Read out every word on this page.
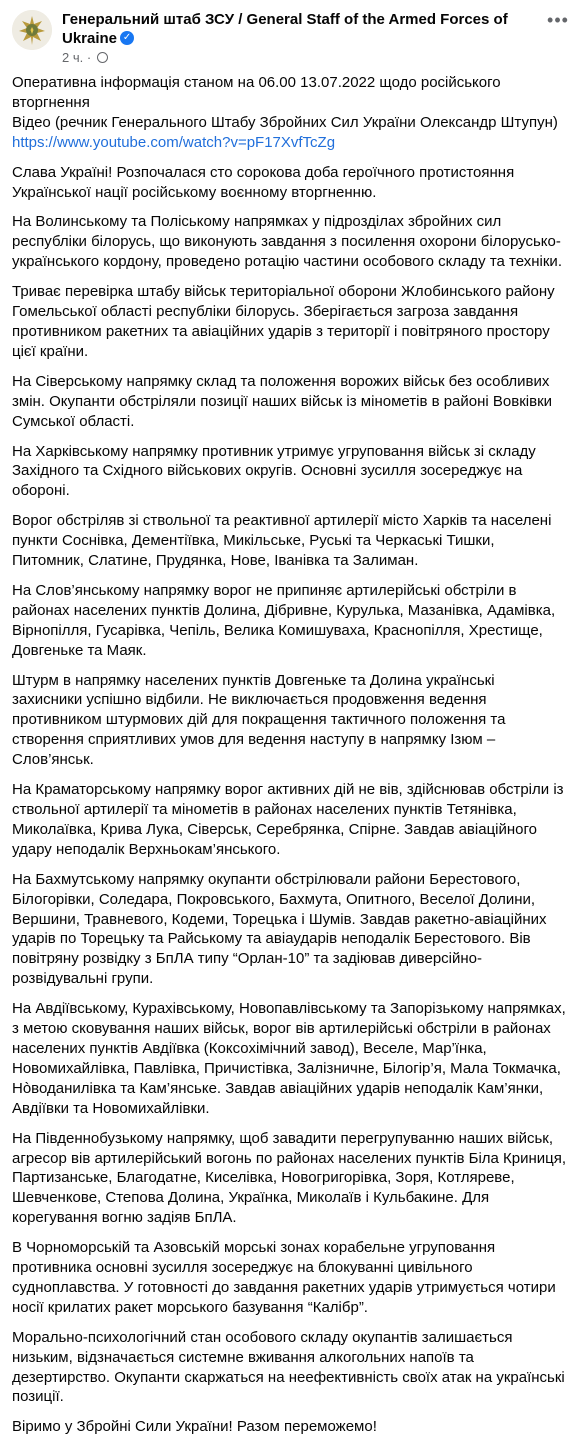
Генеральний штаб ЗСУ / General Staff of the Armed Forces of Ukraine ✓
2 ч. ·
•••

Оперативна інформація станом на 06.00 13.07.2022 щодо російського вторгнення
Відео (речник Генерального Штабу Збройних Сил України Олександр Штупун)
https://www.youtube.com/watch?v=pF17XvfTcZg

Слава Україні! Розпочалася сто сорокова доба героїчного протистояння Українськoї нації російському воєнному вторгненню.

На Волинському та Поліському напрямках у підрозділах збройних сил республіки білорусь, що виконують завдання з посилення охорони білорусько-українського кордону, проведено ротацію частини особового складу та техніки.

Триває перевірка штабу військ територіальної оборони Жлобинського району Гомельської області республіки білорусь. Зберігається загроза завдання противником ракетних та авіаційних ударів з території і повітряного простору цієї країни.

На Сіверському напрямку склад та положення ворожих військ без особливих змін. Окупанти обстріляли позиції наших військ із мінометів в районі Вовківки Сумської області.

На Харківському напрямку противник утримує угруповання військ зі складу Західного та Східного військових округів. Основні зусилля зосереджує на обороні.

Ворог обстріляв зі ствольної та реактивної артилерії місто Харків та населені пункти Соснівка, Дементіївка, Микільське, Руські та Черкаські Тишки, Питомник, Слатине, Прудянка, Нове, Іванівка та Залиман.

На Слов’янському напрямку ворог не припиняє артилерійські обстріли в районах населених пунктів Долина, Дібривне, Курулька, Мазанівка, Адамівка, Вірнопілля, Гусарівка, Чепіль, Велика Комишуваха, Краснопілля, Хрестище, Довгеньке та Маяк.

Штурм в напрямку населених пунктів Довгеньке та Долина українські захисники успішно відбили. Не виключається продовження ведення противником штурмових дій для покращення тактичного положення та створення сприятливих умов для ведення наступу в напрямку Ізюм – Слов’янськ.

На Краматорському напрямку ворог активних дій не вів, здійснював обстріли із ствольної артилерії та мінометів в районах населених пунктів Тетянівка, Миколаївка, Крива Лука, Сіверськ, Серебрянка, Спірне. Завдав авіаційного удару неподалік Верхньокам’янського.

На Бахмутському напрямку окупанти обстрілювали райони Берестового, Білогорівки, Соледара, Покровського, Бахмута, Опитного, Веселої Долини, Вершини, Травневого, Кодеми, Торецька і Шумів. Завдав ракетно-авіаційних ударів по Торецьку та Райському та авіаударів неподалік Берестового. Вів повітряну розвідку з БпЛА типу “Орлан-10” та задіював диверсійно-розвідувальні групи.

На Авдіївському, Курахівському, Новопавлівському та Запорізькому напрямках, з метою сковування наших військ, ворог вів артилерійські обстріли в районах населених пунктів Авдіївка (Коксохімічний завод), Веселе, Мар’їнка, Новомихайлівка, Павлівка, Причистівка, Залізничне, Білогір’я, Мала Токмачка, Нòводанилівка та Кам’янське. Завдав авіаційних ударів неподалік Кам’янки, Авдіївки та Новомихайлівки.

На Південнобузькому напрямку, щоб завадити перегрупуванню наших військ, агресор вів артилерійський вогонь по районах населених пунктів Біла Криниця, Партизанське, Благодатне, Киселівка, Новогригорівка, Зоря, Котляреве, Шевченкове, Степова Долина, Українка, Миколаїв і Кульбакине. Для корегування вогню задіяв БпЛА.

В Чорноморській та Азовській морські зонах корабельне угруповання противника основні зусилля зосереджує на блокуванні цивільного судноплавства. У готовності до завдання ракетних ударів утримується чотири носії крилатих ракет морського базування “Калібр”.

Морально-психологічний стан особового складу окупантів залишається низьким, відзначається системне вживання алкогольних напоїв та дезертирство. Окупанти скаржаться на неефективність своїх атак на українські позиції.

Віримо у Збройні Сили України! Разом переможемо!
